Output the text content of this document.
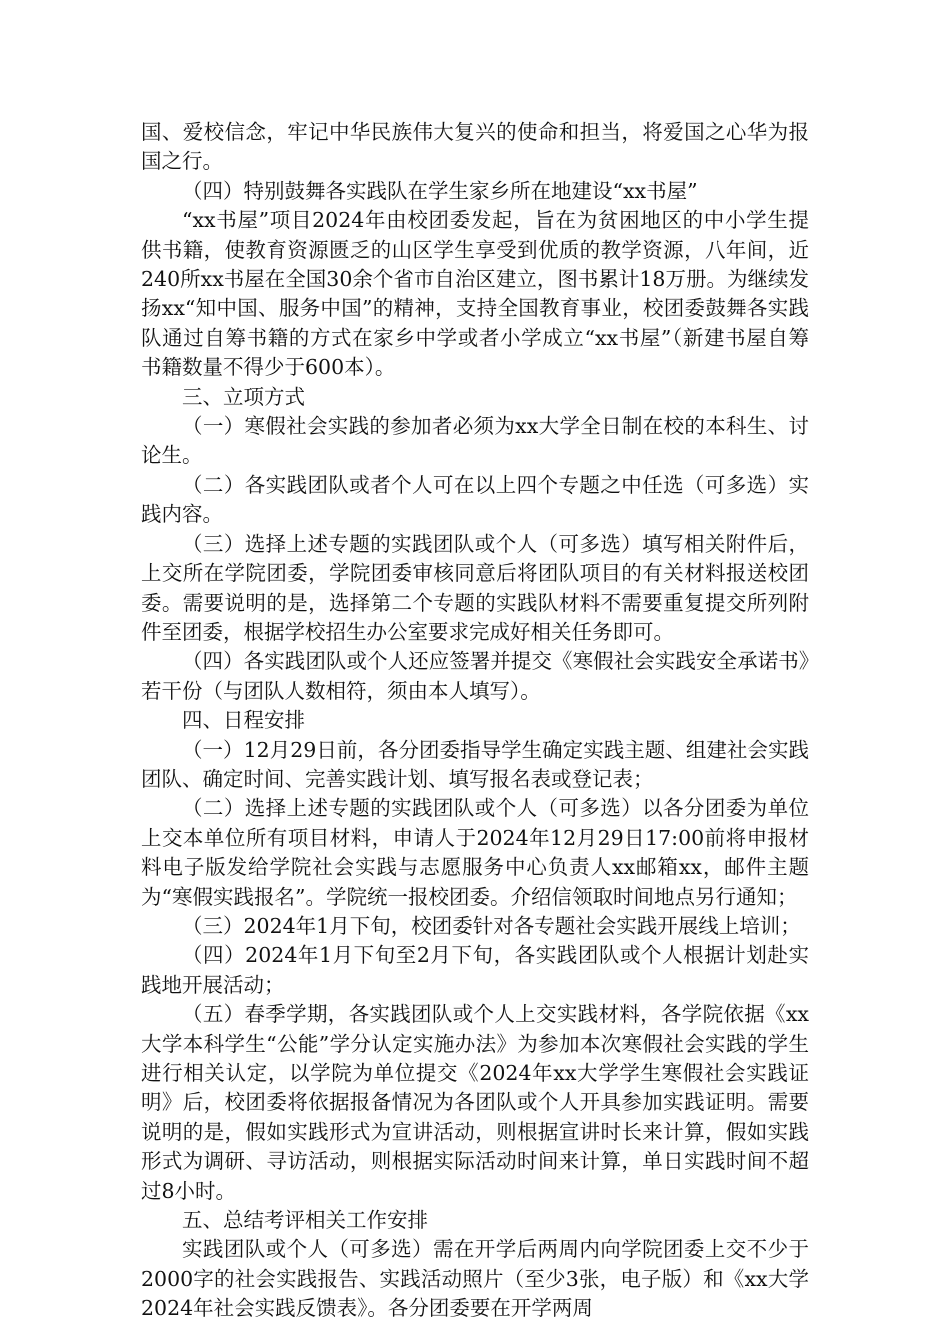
国、爱校信念，牢记中华民族伟大复兴的使命和担当，将爱国之心华为报国之行。

（四）特别鼓舞各实践队在学生家乡所在地建设“xx书屋”

“xx书屋”项目2024年由校团委发起，旨在为贫困地区的中小学生提供书籍，使教育资源匮乏的山区学生享受到优质的教学资源，八年间，近240所xx书屋在全国30余个省市自治区建立，图书累计18万册。为继续发扬xx“知中国、服务中国”的精神，支持全国教育事业，校团委鼓舞各实践队通过自筹书籍的方式在家乡中学或者小学成立“xx书屋”（新建书屋自筹书籍数量不得少于600本）。

三、立项方式

（一）寒假社会实践的参加者必须为xx大学全日制在校的本科生、讨论生。

（二）各实践团队或者个人可在以上四个专题之中任选（可多选）实践内容。

（三）选择上述专题的实践团队或个人（可多选）填写相关附件后，上交所在学院团委，学院团委审核同意后将团队项目的有关材料报送校团委。需要说明的是，选择第二个专题的实践队材料不需要重复提交所列附件至团委，根据学校招生办公室要求完成好相关任务即可。

（四）各实践团队或个人还应签署并提交《寒假社会实践安全承诺书》若干份（与团队人数相符，须由本人填写）。

四、日程安排

（一）12月29日前，各分团委指导学生确定实践主题、组建社会实践团队、确定时间、完善实践计划、填写报名表或登记表；

（二）选择上述专题的实践团队或个人（可多选）以各分团委为单位上交本单位所有项目材料，申请人于2024年12月29日17:00前将申报材料电子版发给学院社会实践与志愿服务中心负责人xx邮箱xx，邮件主题为“寒假实践报名”。学院统一报校团委。介绍信领取时间地点另行通知；

（三）2024年1月下旬，校团委针对各专题社会实践开展线上培训；

（四）2024年1月下旬至2月下旬，各实践团队或个人根据计划赴实践地开展活动；

（五）春季学期，各实践团队或个人上交实践材料，各学院依据《xx大学本科学生“公能”学分认定实施办法》为参加本次寒假社会实践的学生进行相关认定，以学院为单位提交《2024年xx大学学生寒假社会实践证明》后，校团委将依据报备情况为各团队或个人开具参加实践证明。需要说明的是，假如实践形式为宣讲活动，则根据宣讲时长来计算，假如实践形式为调研、寻访活动，则根据实际活动时间来计算，单日实践时间不超过8小时。

五、总结考评相关工作安排

实践团队或个人（可多选）需在开学后两周内向学院团委上交不少于2000字的社会实践报告、实践活动照片（至少3张，电子版）和《xx大学2024年社会实践反馈表》。各分团委要在开学两周
